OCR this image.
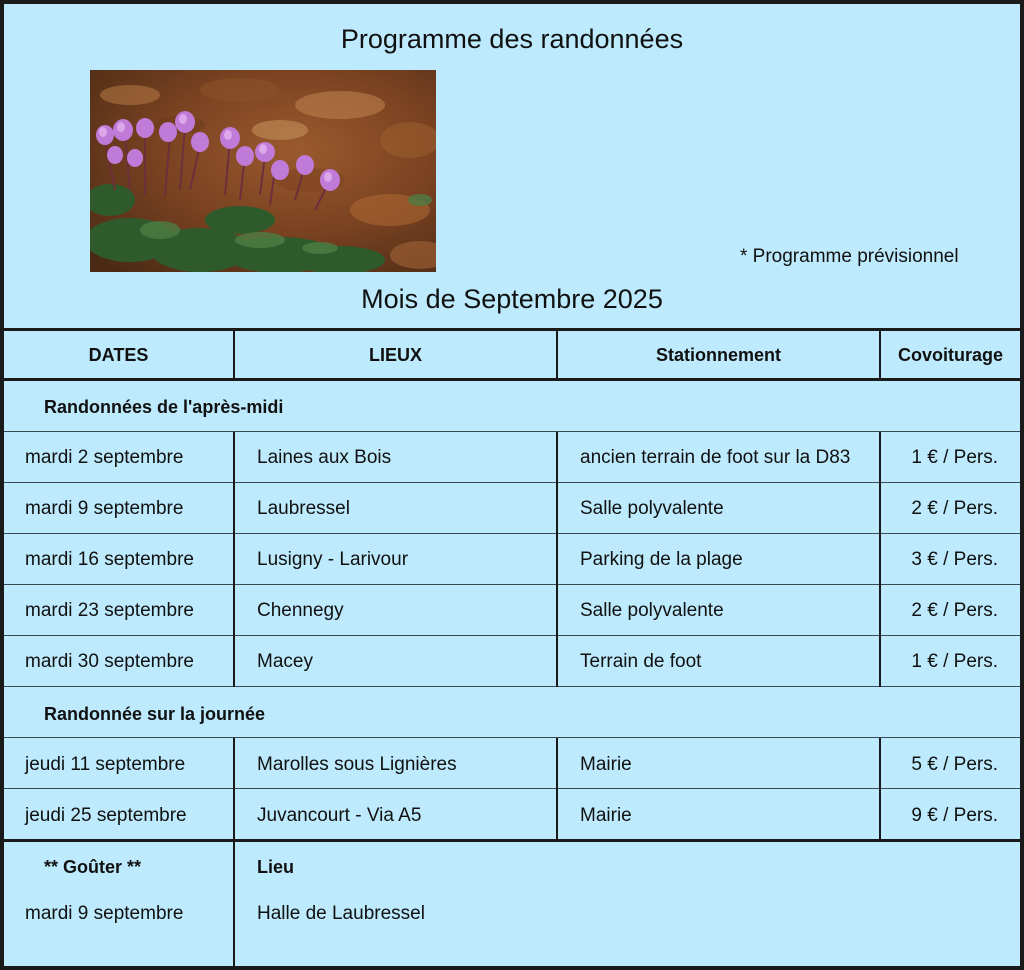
Programme des randonnées
* Programme prévisionnel
Mois de Septembre 2025
DATES	LIEUX	Stationnement	Covoiturage
Randonnées de l'après-midi
mardi 2 septembre	Laines aux Bois	ancien terrain de foot sur la D83	1 € / Pers.
mardi 9 septembre	Laubressel	Salle polyvalente	2 € / Pers.
mardi 16 septembre	Lusigny - Larivour	Parking de la plage	3 € / Pers.
mardi 23 septembre	Chennegy	Salle polyvalente	2 € / Pers.
mardi 30 septembre	Macey	Terrain de foot	1 € / Pers.
Randonnée sur la journée
jeudi 11 septembre	Marolles sous Lignières	Mairie	5 € / Pers.
jeudi 25 septembre	Juvancourt - Via A5	Mairie	9 € / Pers.
** Goûter **	Lieu
mardi 9 septembre	Halle de Laubressel
